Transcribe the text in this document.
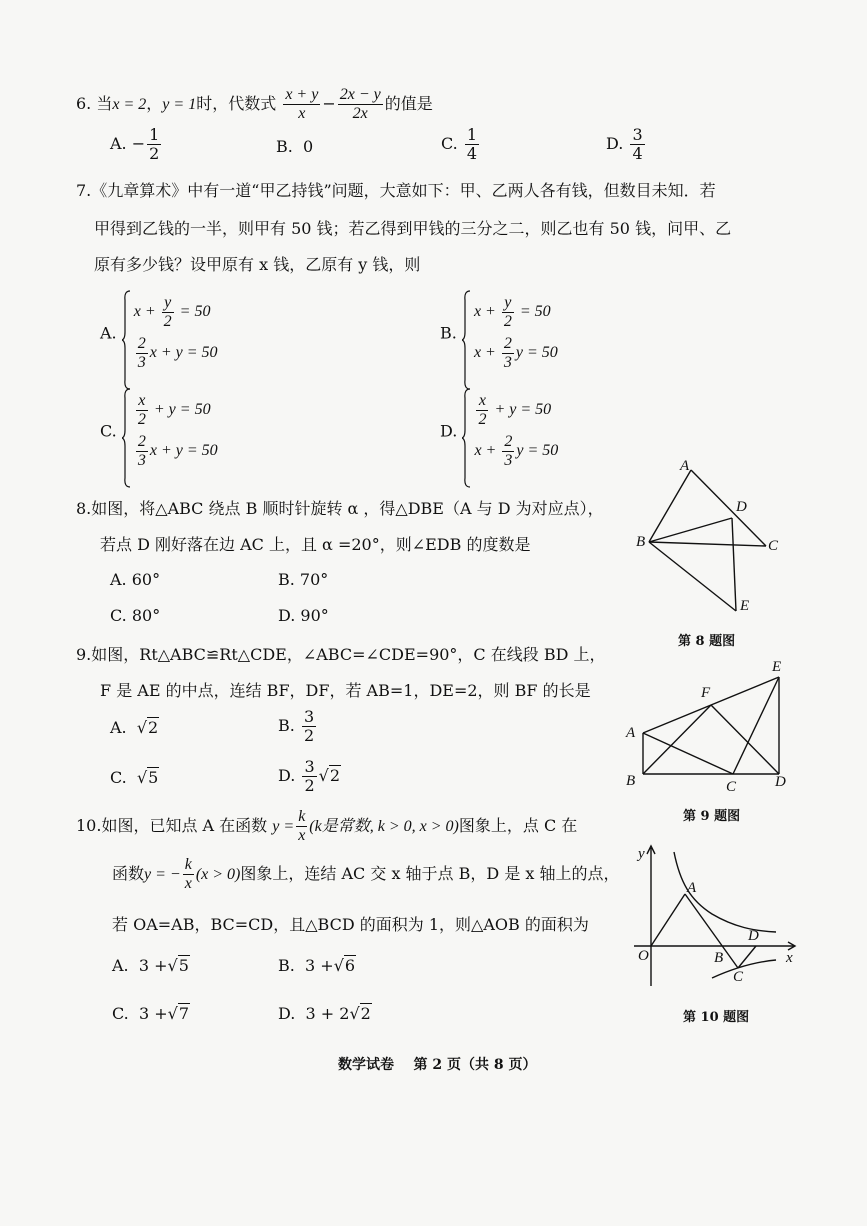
6. 当x = 2，y = 1时，代数式 $\frac{x + y}{x} - \frac{2x - y}{2x}$ 的值是
A. − $\frac{1}{2}$	B. 0	C. $\frac{1}{4}$	D. $\frac{3}{4}$
7.《九章算术》中有一道“甲乙持钱”问题，大意如下：甲、乙两人各有钱，但数目未知．若
甲得到乙钱的一半，则甲有 50 钱；若乙得到甲钱的三分之二，则乙也有 50 钱，问甲、乙
原有多少钱？设甲原有 x 钱，乙原有 y 钱，则
A.
$x + \frac{y}{2} = 50$
$\frac{2}{3}$ x + y = 50
B.
$x + \frac{y}{2} = 50$
$x + \frac{2}{3}$ y = 50
C.
$\frac{x}{2} + y = 50$
$\frac{2}{3}$ x + y = 50
D.
$\frac{x}{2} + y = 50$
$x + \frac{2}{3}$ y = 50
8.如图，将△ABC 绕点 B 顺时针旋转 α ，得△DBE（A 与 D 为对应点），
若点 D 刚好落在边 AC 上，且 α =20°，则∠EDB 的度数是
A. 60°	B. 70°
C. 80°	D. 90°
A
B	C
D
E
第 8 题图
9.如图，Rt△ABC≌Rt△CDE，∠ABC=∠CDE=90°，C 在线段 BD 上，
F 是 AE 的中点，连结 BF，DF，若 AB=1，DE=2，则 BF 的长是
A. √2	B. $\frac{3}{2}$
C. √5	D. $\frac{3}{2} √2$
A
B	C	D
E
F
第 9 题图
10.如图，已知点 A 在函数 $y = \frac{k}{x} (k$是常数, k > 0, x > 0)图象上，点 C 在
函数y = − $\frac{k}{x} (x > 0)$图象上，连结 AC 交 x 轴于点 B，D 是 x 轴上的点，
若 OA=AB，BC=CD，且△BCD 的面积为 1，则△AOB 的面积为
A. 3 +√5	B. 3 +√6
C. 3 +√7	D. 3 + 2√2
y
x
O
A
B
C
D
第 10 题图
数学试卷 第 2 页（共 8 页）
